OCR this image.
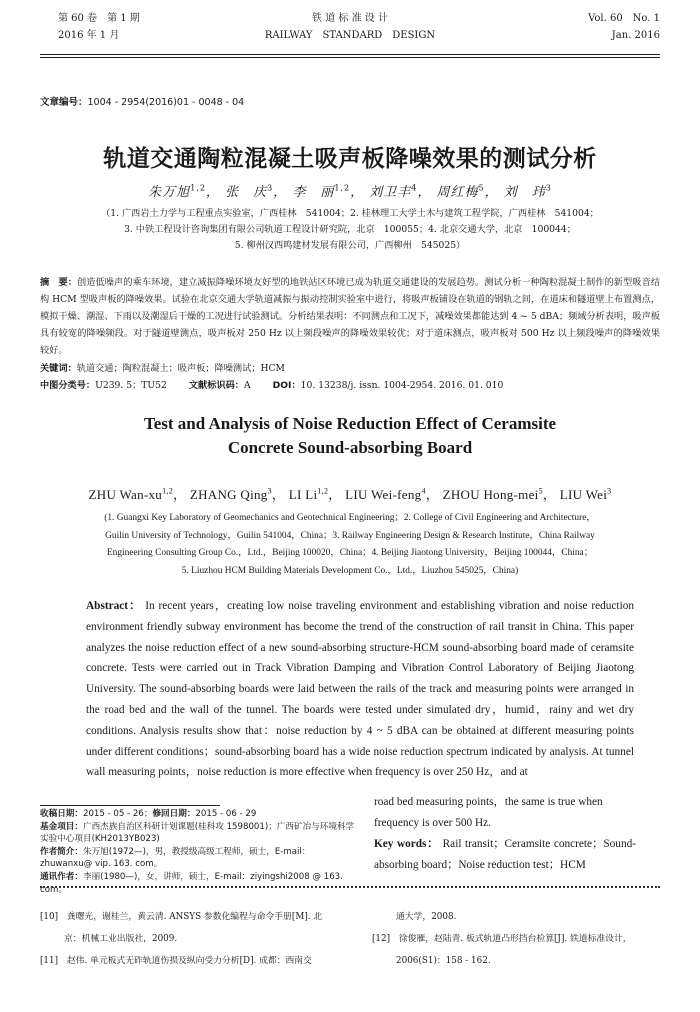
第 60 卷　第 1 期
2016 年 1 月
铁 道 标 准 设 计
RAILWAY　STANDARD　DESIGN
Vol. 60　No. 1
Jan. 2016
文章编号：1004 - 2954(2016)01 - 0048 - 04
轨道交通陶粒混凝土吸声板降噪效果的测试分析
朱万旭$^{1,2}$， 张　庆$^3$， 李　丽$^{1,2}$， 刘卫丰$^4$， 周红梅$^5$， 刘　玮$^3$
（1. 广西岩土力学与工程重点实验室，广西桂林　541004；2. 桂林理工大学土木与建筑工程学院，广西桂林　541004；
3. 中铁工程设计咨询集团有限公司轨道工程设计研究院，北京　100055；4. 北京交通大学，北京　100044；
5. 柳州汉西鸣建材发展有限公司，广西柳州　545025）
摘　要：创造低噪声的乘车环境，建立减振降噪环境友好型的地铁站区环境已成为轨道交通建设的发展趋势。测试分析一种陶粒混凝土制作的新型吸音结构 HCM 型吸声板的降噪效果。试验在北京交通大学轨道减振与振动控制实验室中进行，将吸声板铺设在轨道的钢轨之间，在道床和隧道壁上布置测点，模拟干燥、潮湿、下雨以及潮湿后干燥的工况进行试验测试。分析结果表明：不同测点和工况下，减噪效果都能达到 4 ~ 5 dBA；频域分析表明，吸声板具有较宽的降噪频段。对于隧道壁测点，吸声板对 250 Hz 以上频段噪声的降噪效果较优；对于道床测点，吸声板对 500 Hz 以上频段噪声的降噪效果较好。
关键词：轨道交通；陶粒混凝土；吸声板；降噪测试；HCM
中图分类号：U239. 5；TU52 文献标识码：A DOI：10. 13238/j. issn. 1004-2954. 2016. 01. 010
Test and Analysis of Noise Reduction Effect of Ceramsite
Concrete Sound-absorbing Board
ZHU Wan-xu$^{1,2}$， ZHANG Qing$^3$， LI Li$^{1,2}$， LIU Wei-feng$^4$， ZHOU Hong-mei$^5$， LIU Wei$^3$
(1. Guangxi Key Laboratory of Geomechanics and Geotechnical Engineering；2. College of Civil Engineering and Architecture，
Guilin University of Technology，Guilin 541004，China；3. Railway Engineering Design & Research Institute，China Railway
Engineering Consulting Group Co.，Ltd.，Beijing 100020，China；4. Beijing Jiaotong University，Beijing 100044，China；
5. Liuzhou HCM Building Materials Development Co.，Ltd.，Liuzhou 545025，China)
Abstract： In recent years，creating low noise traveling environment and establishing vibration and noise reduction environment friendly subway environment has become the trend of the construction of rail transit in China. This paper analyzes the noise reduction effect of a new sound-absorbing structure-HCM sound-absorbing board made of ceramsite concrete. Tests were carried out in Track Vibration Damping and Vibration Control Laboratory of Beijing Jiaotong University. The sound-absorbing boards were laid between the rails of the track and measuring points were arranged in the road bed and the wall of the tunnel. The boards were tested under simulated dry，humid，rainy and wet dry conditions. Analysis results show that：noise reduction by 4 ~ 5 dBA can be obtained at different measuring points under different conditions；sound-absorbing board has a wide noise reduction spectrum indicated by analysis. At tunnel wall measuring points，noise reduction is more effective when frequency is over 250 Hz，and at
road bed measuring points，the same is true when frequency is over 500 Hz.
Key words： Rail transit；Ceramsite concrete；Sound-absorbing board；Noise reduction test；HCM
收稿日期：2015 - 05 - 26；修回日期：2015 - 06 - 29
基金项目：广西杰族自治区科研计划课题(桂科攻 1598001)；广西矿冶与环境科学实验中心项目(KH2013YB023)
作者简介：朱万旭(1972—)，男，教授级高级工程师，硕士，E-mail：zhuwanxu@ vip. 163. com。
通讯作者：李丽(1980—)，女，讲师，硕士，E-mail：ziyingshi2008 @ 163. com。
[10]　龚曙光，谢桂兰，黄云清. ANSYS 参数化编程与命令手册[M]. 北
京：机械工业出版社，2009.
[11]　赵伟. 单元板式无砟轨道伤损及纵向受力分析[D]. 成都：西南交
通大学，2008.
[12]　徐俊雁，赵陆青. 板式轨道凸形挡台检算[J]. 铁道标准设计，
2006(S1)：158 - 162.
